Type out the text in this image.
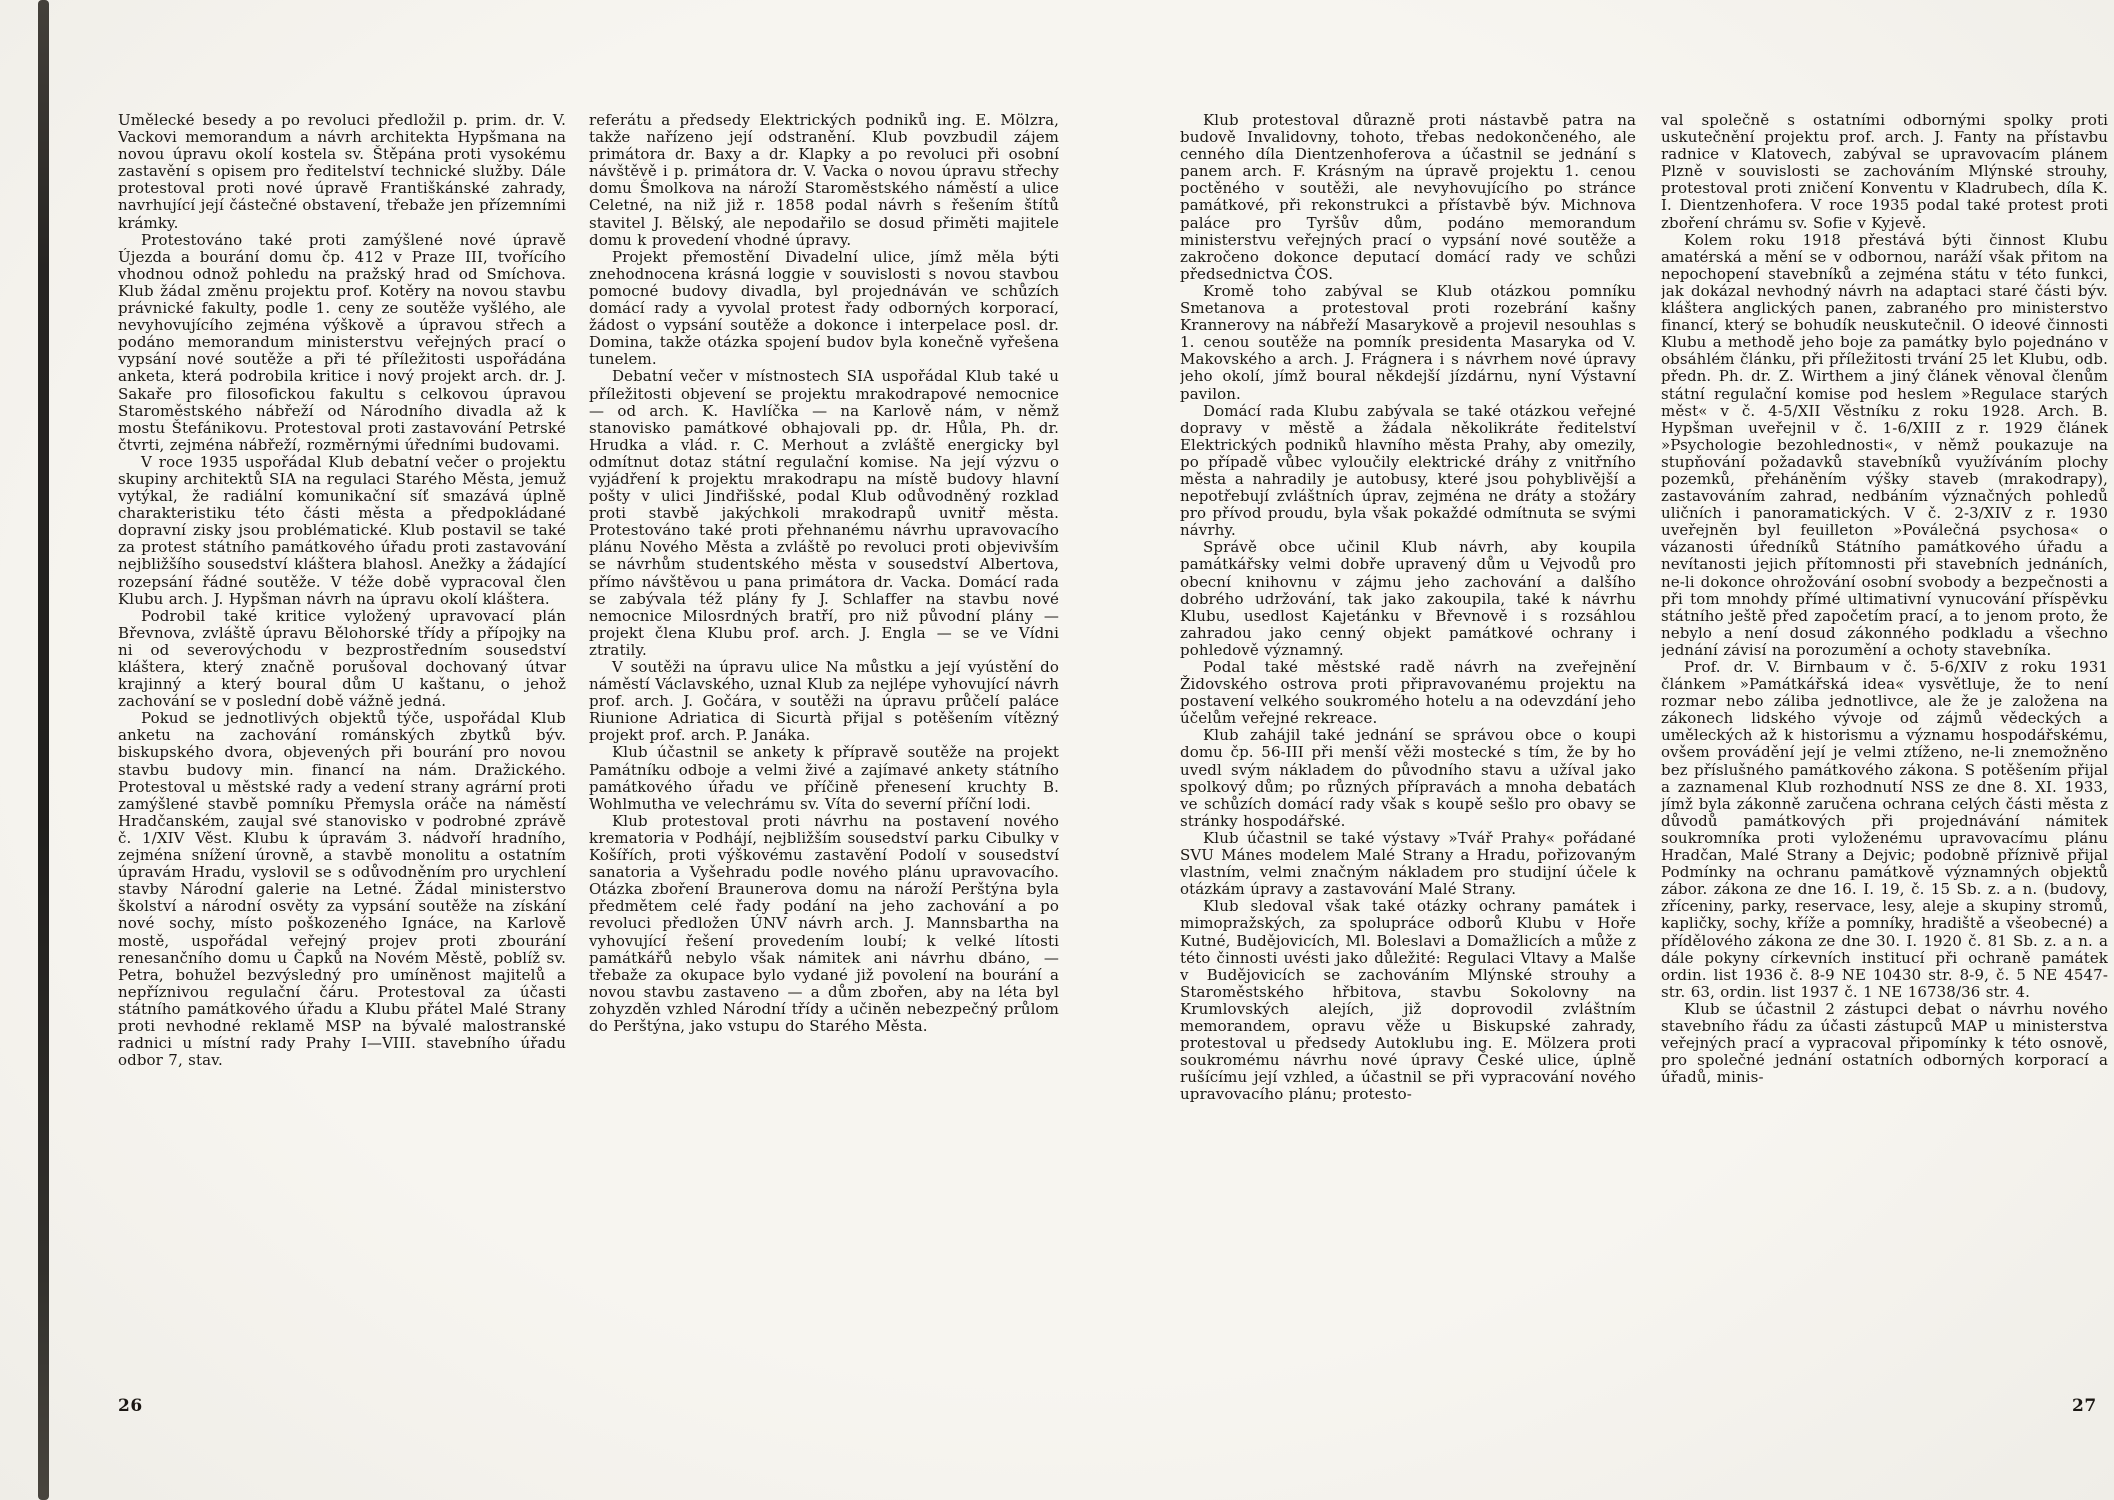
Umělecké besedy a po revoluci předložil p. prim. dr. V. Vackovi memorandum a návrh architekta Hypšmana na novou úpravu okolí kostela sv. Štěpána proti vysokému zastavění s opisem pro ředitelství technické služby. Dále protestoval proti nové úpravě Františkánské zahrady, navrhující její částečné obstavení, třebaže jen přízemními krámky.

Protestováno také proti zamýšlené nové úpravě Újezda a bourání domu čp. 412 v Praze III, tvořícího vhodnou odnož pohledu na pražský hrad od Smíchova. Klub žádal změnu projektu prof. Kotěry na novou stavbu právnické fakulty, podle 1. ceny ze soutěže vyšlého, ale nevyhovujícího zejména výškově a úpravou střech a podáno memorandum ministerstvu veřejných prací o vypsání nové soutěže a při té příležitosti uspořádána anketa, která podrobila kritice i nový projekt arch. dr. J. Sakaře pro filosofickou fakultu s celkovou úpravou Staroměstského nábřeží od Národního divadla až k mostu Štefánikovu. Protestoval proti zastavování Petrské čtvrti, zejména nábřeží, rozměrnými úředními budovami.

V roce 1935 uspořádal Klub debatní večer o projektu skupiny architektů SIA na regulaci Starého Města, jemuž vytýkal, že radiální komunikační síť smazává úplně charakteristiku této části města a předpokládané dopravní zisky jsou problématické. Klub postavil se také za protest státního památkového úřadu proti zastavování nejbližšího sousedství kláštera blahosl. Anežky a žádající rozepsání řádné soutěže. V téže době vypracoval člen Klubu arch. J. Hypšman návrh na úpravu okolí kláštera.

Podrobil také kritice vyložený upravovací plán Břevnova, zvláště úpravu Bělohorské třídy a přípojky na ni od severovýchodu v bezprostředním sousedství kláštera, který značně porušoval dochovaný útvar krajinný a který boural dům U kaštanu, o jehož zachování se v poslední době vážně jedná.

Pokud se jednotlivých objektů týče, uspořádal Klub anketu na zachování románských zbytků býv. biskupského dvora, objevených při bourání pro novou stavbu budovy min. financí na nám. Dražického. Protestoval u městské rady a vedení strany agrární proti zamýšlené stavbě pomníku Přemysla oráče na náměstí Hradčanském, zaujal své stanovisko v podrobné zprávě č. 1/XIV Věst. Klubu k úpravám 3. nádvoří hradního, zejména snížení úrovně, a stavbě monolitu a ostatním úpravám Hradu, vyslovil se s odůvodněním pro urychlení stavby Národní galerie na Letné. Žádal ministerstvo školství a národní osvěty za vypsání soutěže na získání nové sochy, místo poškozeného Ignáce, na Karlově mostě, uspořádal veřejný projev proti zbourání renesančního domu u Čapků na Novém Městě, poblíž sv. Petra, bohužel bezvýsledný pro umíněnost majitelů a nepříznivou regulační čáru. Protestoval za účasti státního památkového úřadu a Klubu přátel Malé Strany proti nevhodné reklamě MSP na bývalé malostranské radnici u místní rady Prahy I—VIII. stavebního úřadu odbor 7, stav.

referátu a předsedy Elektrických podniků ing. E. Mölzra, takže nařízeno její odstranění. Klub povzbudil zájem primátora dr. Baxy a dr. Klapky a po revoluci při osobní návštěvě i p. primátora dr. V. Vacka o novou úpravu střechy domu Šmolkova na nároží Staroměstského náměstí a ulice Celetné, na niž již r. 1858 podal návrh s řešením štítů stavitel J. Bělský, ale nepodařilo se dosud přiměti majitele domu k provedení vhodné úpravy.

Projekt přemostění Divadelní ulice, jímž měla býti znehodnocena krásná loggie v souvislosti s novou stavbou pomocné budovy divadla, byl projednáván ve schůzích domácí rady a vyvolal protest řady odborných korporací, žádost o vypsání soutěže a dokonce i interpelace posl. dr. Domina, takže otázka spojení budov byla konečně vyřešena tunelem.

Debatní večer v místnostech SIA uspořádal Klub také u příležitosti objevení se projektu mrakodrapové nemocnice — od arch. K. Havlíčka — na Karlově nám, v němž stanovisko památkové obhajovali pp. dr. Hůla, Ph. dr. Hrudka a vlád. r. C. Merhout a zvláště energicky byl odmítnut dotaz státní regulační komise. Na její výzvu o vyjádření k projektu mrakodrapu na místě budovy hlavní pošty v ulici Jindřišské, podal Klub odůvodněný rozklad proti stavbě jakýchkoli mrakodrapů uvnitř města. Protestováno také proti přehnanému návrhu upravovacího plánu Nového Města a zvláště po revoluci proti objevivším se návrhům studentského města v sousedství Albertova, přímo návštěvou u pana primátora dr. Vacka. Domácí rada se zabývala též plány fy J. Schlaffer na stavbu nové nemocnice Milosrdných bratří, pro niž původní plány — projekt člena Klubu prof. arch. J. Engla — se ve Vídni ztratily.

V soutěži na úpravu ulice Na můstku a její vyústění do náměstí Václavského, uznal Klub za nejlépe vyhovující návrh prof. arch. J. Gočára, v soutěži na úpravu průčelí paláce Riunione Adriatica di Sicurtà přijal s potěšením vítězný projekt prof. arch. P. Janáka.

Klub účastnil se ankety k přípravě soutěže na projekt Památníku odboje a velmi živé a zajímavé ankety státního památkového úřadu ve příčině přenesení kruchty B. Wohlmutha ve velechrámu sv. Víta do severní příční lodi.

Klub protestoval proti návrhu na postavení nového krematoria v Podhájí, nejbližším sousedství parku Cibulky v Košířích, proti výškovému zastavění Podolí v sousedství sanatoria a Vyšehradu podle nového plánu upravovacího. Otázka zboření Braunerova domu na nároží Perštýna byla předmětem celé řady podání na jeho zachování a po revoluci předložen ÚNV návrh arch. J. Mannsbartha na vyhovující řešení provedením loubí; k velké lítosti památkářů nebylo však námitek ani návrhu dbáno, — třebaže za okupace bylo vydané již povolení na bourání a novou stavbu zastaveno — a dům zbořen, aby na léta byl zohyzděn vzhled Národní třídy a učiněn nebezpečný průlom do Perštýna, jako vstupu do Starého Města.

26

Klub protestoval důrazně proti nástavbě patra na budově Invalidovny, tohoto, třebas nedokončeného, ale cenného díla Dientzenhoferova a účastnil se jednání s panem arch. F. Krásným na úpravě projektu 1. cenou poctěného v soutěži, ale nevyhovujícího po stránce památkové, při rekonstrukci a přístavbě býv. Michnova paláce pro Tyršův dům, podáno memorandum ministerstvu veřejných prací o vypsání nové soutěže a zakročeno dokonce deputací domácí rady ve schůzi předsednictva ČOS.

Kromě toho zabýval se Klub otázkou pomníku Smetanova a protestoval proti rozebrání kašny Krannerovy na nábřeží Masarykově a projevil nesouhlas s 1. cenou soutěže na pomník presidenta Masaryka od V. Makovského a arch. J. Frágnera i s návrhem nové úpravy jeho okolí, jímž boural někdejší jízdárnu, nyní Výstavní pavilon.

Domácí rada Klubu zabývala se také otázkou veřejné dopravy v městě a žádala několikráte ředitelství Elektrických podniků hlavního města Prahy, aby omezily, po případě vůbec vyloučily elektrické dráhy z vnitřního města a nahradily je autobusy, které jsou pohyblivější a nepotřebují zvláštních úprav, zejména ne dráty a stožáry pro přívod proudu, byla však pokaždé odmítnuta se svými návrhy.

Správě obce učinil Klub návrh, aby koupila památkářsky velmi dobře upravený dům u Vejvodů pro obecní knihovnu v zájmu jeho zachování a dalšího dobrého udržování, tak jako zakoupila, také k návrhu Klubu, usedlost Kajetánku v Břevnově i s rozsáhlou zahradou jako cenný objekt památkové ochrany i pohledově významný.

Podal také městské radě návrh na zveřejnění Židovského ostrova proti připravovanému projektu na postavení velkého soukromého hotelu a na odevzdání jeho účelům veřejné rekreace.

Klub zahájil také jednání se správou obce o koupi domu čp. 56-III při menší věži mostecké s tím, že by ho uvedl svým nákladem do původního stavu a užíval jako spolkový dům; po různých přípravách a mnoha debatách ve schůzích domácí rady však s koupě sešlo pro obavy se stránky hospodářské.

Klub účastnil se také výstavy »Tvář Prahy« pořádané SVU Mánes modelem Malé Strany a Hradu, pořizovaným vlastním, velmi značným nákladem pro studijní účele k otázkám úpravy a zastavování Malé Strany.

Klub sledoval však také otázky ochrany památek i mimopražských, za spolupráce odborů Klubu v Hoře Kutné, Budějovicích, Ml. Boleslavi a Domažlicích a může z této činnosti uvésti jako důležité: Regulaci Vltavy a Malše v Budějovicích se zachováním Mlýnské strouhy a Staroměstského hřbitova, stavbu Sokolovny na Krumlovských alejích, již doprovodil zvláštním memorandem, opravu věže u Biskupské zahrady, protestoval u předsedy Autoklubu ing. E. Mölzera proti soukromému návrhu nové úpravy České ulice, úplně rušícímu její vzhled, a účastnil se při vypracování nového upravovacího plánu; protesto-

val společně s ostatními odbornými spolky proti uskutečnění projektu prof. arch. J. Fanty na přístavbu radnice v Klatovech, zabýval se upravovacím plánem Plzně v souvislosti se zachováním Mlýnské strouhy, protestoval proti zničení Konventu v Kladrubech, díla K. I. Dientzenhofera. V roce 1935 podal také protest proti zboření chrámu sv. Sofie v Kyjevě.

Kolem roku 1918 přestává býti činnost Klubu amatérská a mění se v odbornou, naráží však přitom na nepochopení stavebníků a zejména státu v této funkci, jak dokázal nevhodný návrh na adaptaci staré části býv. kláštera anglických panen, zabraného pro ministerstvo financí, který se bohudík neuskutečnil. O ideové činnosti Klubu a methodě jeho boje za památky bylo pojednáno v obsáhlém článku, při příležitosti trvání 25 let Klubu, odb. předn. Ph. dr. Z. Wirthem a jiný článek věnoval členům státní regulační komise pod heslem »Regulace starých měst« v č. 4-5/XII Věstníku z roku 1928. Arch. B. Hypšman uveřejnil v č. 1-6/XIII z r. 1929 článek »Psychologie bezohlednosti«, v němž poukazuje na stupňování požadavků stavebníků využíváním plochy pozemků, přeháněním výšky staveb (mrakodrapy), zastavováním zahrad, nedbáním význačných pohledů uličních i panoramatických. V č. 2-3/XIV z r. 1930 uveřejněn byl feuilleton »Poválečná psychosa« o vázanosti úředníků Státního památkového úřadu a nevítanosti jejich přítomnosti při stavebních jednáních, ne-li dokonce ohrožování osobní svobody a bezpečnosti a při tom mnohdy přímé ultimativní vynucování příspěvku státního ještě před započetím prací, a to jenom proto, že nebylo a není dosud zákonného podkladu a všechno jednání závisí na porozumění a ochoty stavebníka.

Prof. dr. V. Birnbaum v č. 5-6/XIV z roku 1931 článkem »Památkářská idea« vysvětluje, že to není rozmar nebo záliba jednotlivce, ale že je založena na zákonech lidského vývoje od zájmů vědeckých a uměleckých až k historismu a významu hospodářskému, ovšem provádění její je velmi ztíženo, ne-li znemožněno bez příslušného památkového zákona. S potěšením přijal a zaznamenal Klub rozhodnutí NSS ze dne 8. XI. 1933, jímž byla zákonně zaručena ochrana celých části města z důvodů památkových při projednávání námitek soukromníka proti vyloženému upravovacímu plánu Hradčan, Malé Strany a Dejvic; podobně příznivě přijal Podmínky na ochranu památkově významných objektů zábor. zákona ze dne 16. I. 19, č. 15 Sb. z. a n. (budovy, zříceniny, parky, reservace, lesy, aleje a skupiny stromů, kapličky, sochy, kříže a pomníky, hradiště a všeobecné) a přídělového zákona ze dne 30. I. 1920 č. 81 Sb. z. a n. a dále pokyny církevních institucí při ochraně památek ordin. list 1936 č. 8-9 NE 10430 str. 8-9, č. 5 NE 4547- str. 63, ordin. list 1937 č. 1 NE 16738/36 str. 4.

Klub se účastnil 2 zástupci debat o návrhu nového stavebního řádu za účasti zástupců MAP u ministerstva veřejných prací a vypracoval připomínky k této osnově, pro společné jednání ostatních odborných korporací a úřadů, minis-

27
